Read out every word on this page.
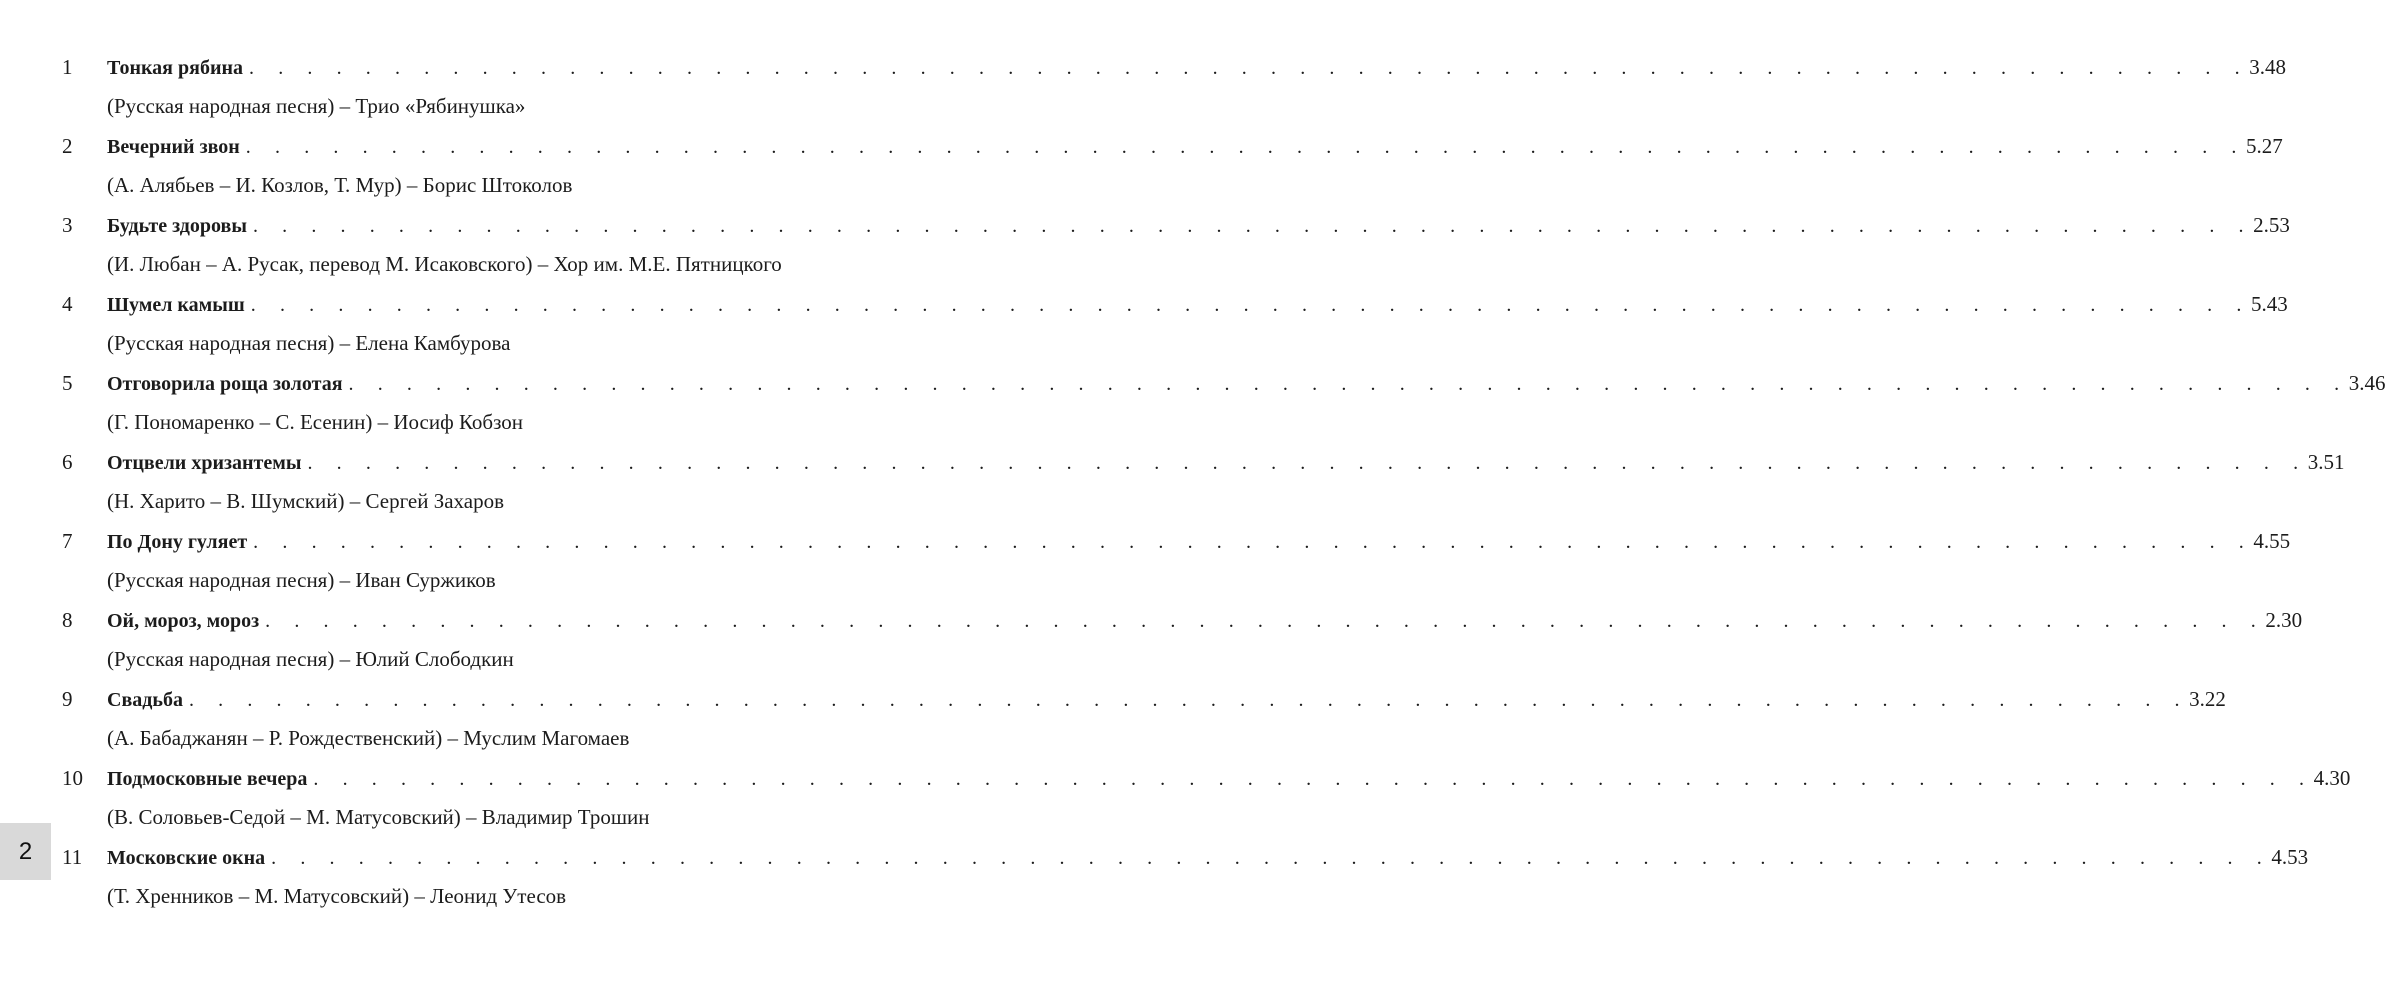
1 Тонкая рябина . . . . . . . . . . . . . . . . . . . . . . . . . . . . . . . . . . . . . . . . . . . . . . . . . . . . . . . . . . . . . . . . . . . . . 3.48
(Русская народная песня) – Трио «Рябинушка»
2 Вечерний звон . . . . . . . . . . . . . . . . . . . . . . . . . . . . . . . . . . . . . . . . . . . . . . . . . . . . . . . . . . . . . . . . . . . . . 5.27
(А. Алябьев – И. Козлов, Т. Мур) – Борис Штоколов
3 Будьте здоровы . . . . . . . . . . . . . . . . . . . . . . . . . . . . . . . . . . . . . . . . . . . . . . . . . . . . . . . . . . . . . . . . . . . . . 2.53
(И. Любан – А. Русак, перевод М. Исаковского) – Хор им. М.Е. Пятницкого
4 Шумел камыш . . . . . . . . . . . . . . . . . . . . . . . . . . . . . . . . . . . . . . . . . . . . . . . . . . . . . . . . . . . . . . . . . . . . . 5.43
(Русская народная песня) – Елена Камбурова
5 Отговорила роща золотая . . . . . . . . . . . . . . . . . . . . . . . . . . . . . . . . . . . . . . . . . . . . . . . . . . . . . . . . . . . . . . . . . . . . . 3.46
(Г. Пономаренко – С. Есенин) – Иосиф Кобзон
6 Отцвели хризантемы . . . . . . . . . . . . . . . . . . . . . . . . . . . . . . . . . . . . . . . . . . . . . . . . . . . . . . . . . . . . . . . . . . . . . 3.51
(Н. Харито – В. Шумский) – Сергей Захаров
7 По Дону гуляет . . . . . . . . . . . . . . . . . . . . . . . . . . . . . . . . . . . . . . . . . . . . . . . . . . . . . . . . . . . . . . . . . . . . . 4.55
(Русская народная песня) – Иван Суржиков
8 Ой, мороз, мороз . . . . . . . . . . . . . . . . . . . . . . . . . . . . . . . . . . . . . . . . . . . . . . . . . . . . . . . . . . . . . . . . . . . . . 2.30
(Русская народная песня) – Юлий Слободкин
9 Свадьба . . . . . . . . . . . . . . . . . . . . . . . . . . . . . . . . . . . . . . . . . . . . . . . . . . . . . . . . . . . . . . . . . . . . . 3.22
(А. Бабаджанян – Р. Рождественский) – Муслим Магомаев
10 Подмосковные вечера . . . . . . . . . . . . . . . . . . . . . . . . . . . . . . . . . . . . . . . . . . . . . . . . . . . . . . . . . . . . . . . . . . . . . 4.30
(В. Соловьев-Седой – М. Матусовский) – Владимир Трошин
11 Московские окна . . . . . . . . . . . . . . . . . . . . . . . . . . . . . . . . . . . . . . . . . . . . . . . . . . . . . . . . . . . . . . . . . . . . . 4.53
(Т. Хренников – М. Матусовский) – Леонид Утесов
2
